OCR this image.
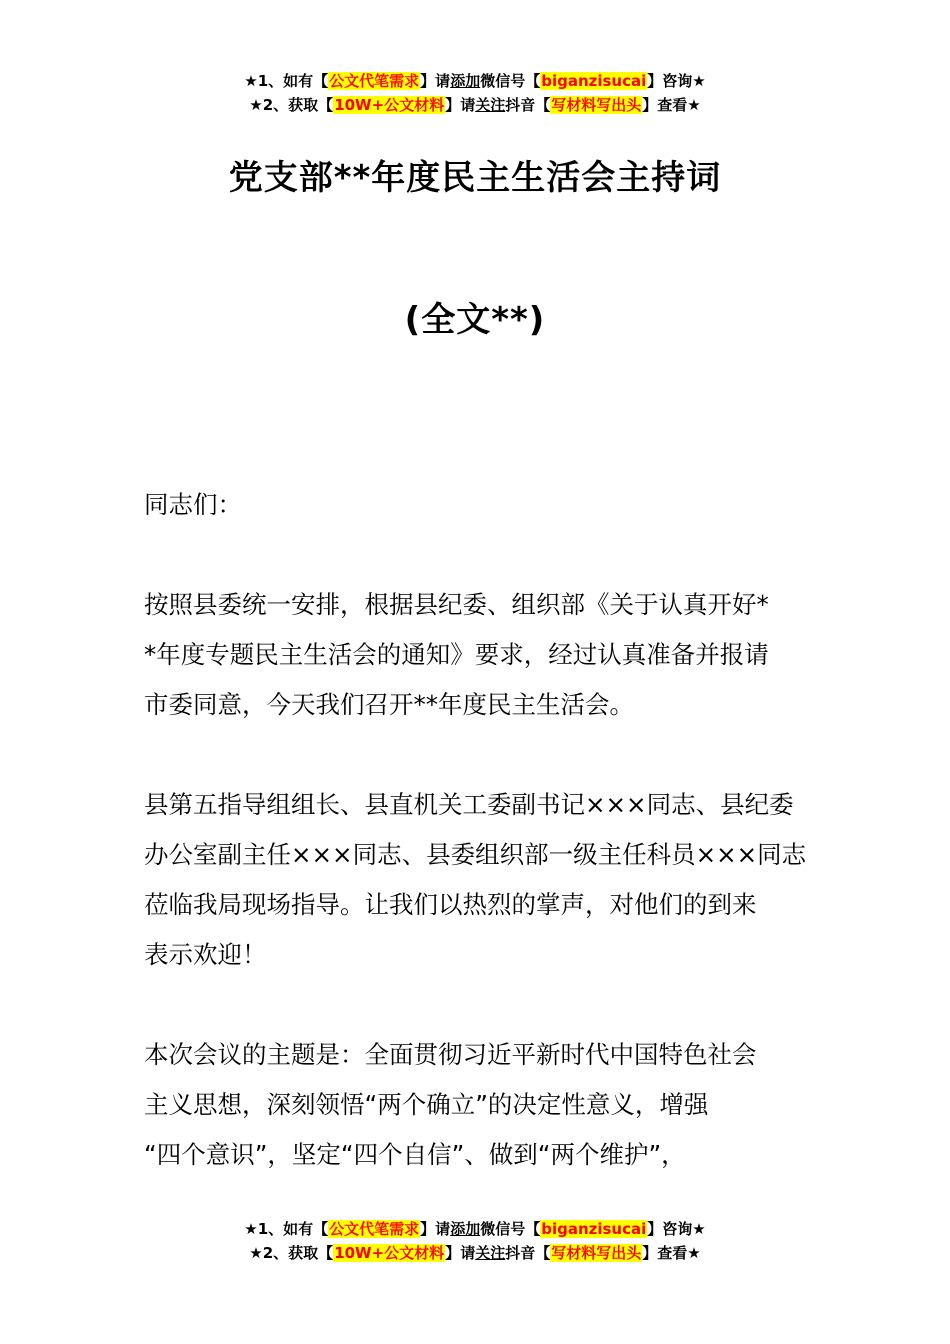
★1、如有【公文代笔需求】请添加微信号【biganzisucai】咨询★
★2、获取【10W+公文材料】请关注抖音【写材料写出头】查看★
党支部**年度民主生活会主持词
(全文**)
同志们：
按照县委统一安排，根据县纪委、组织部《关于认真开好*
*年度专题民主生活会的通知》要求，经过认真准备并报请
市委同意，今天我们召开**年度民主生活会。
县第五指导组组长、县直机关工委副书记×××同志、县纪委
办公室副主任×××同志、县委组织部一级主任科员×××同志
莅临我局现场指导。让我们以热烈的掌声，对他们的到来
表示欢迎！
本次会议的主题是：全面贯彻习近平新时代中国特色社会
主义思想，深刻领悟“两个确立”的决定性意义，增强
“四个意识”，坚定“四个自信”、做到“两个维护”，
★1、如有【公文代笔需求】请添加微信号【biganzisucai】咨询★
★2、获取【10W+公文材料】请关注抖音【写材料写出头】查看★
